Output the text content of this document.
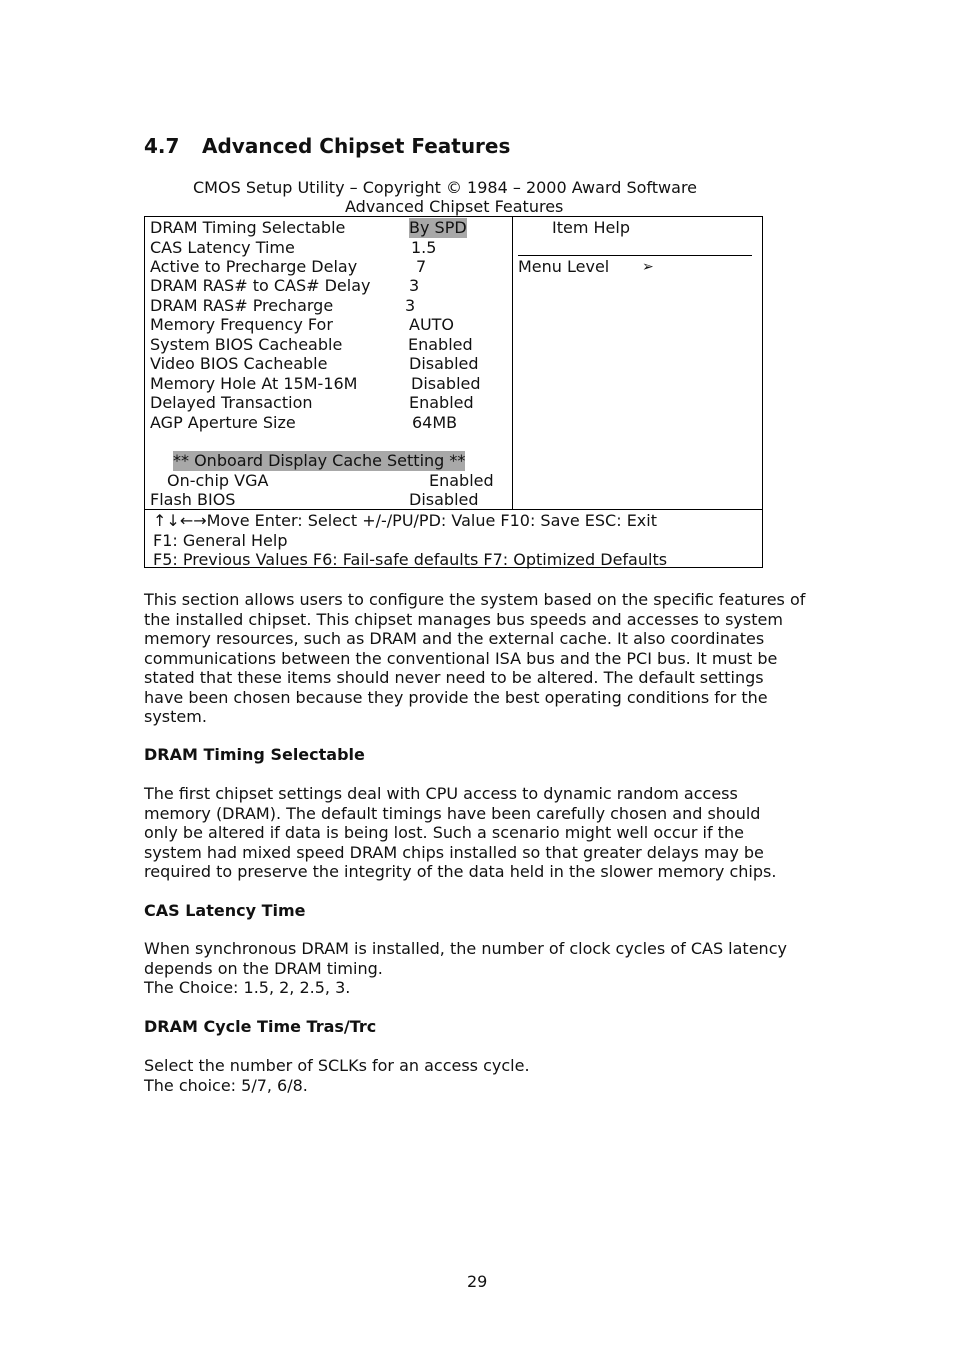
4.7 Advanced Chipset Features
CMOS Setup Utility – Copyright © 1984 – 2000 Award Software
Advanced Chipset Features
DRAM Timing Selectable	By SPD
CAS Latency Time	1.5
Active to Precharge Delay	7
DRAM RAS# to CAS# Delay 3
DRAM RAS# Precharge	3
Memory Frequency For	AUTO
System BIOS Cacheable	Enabled
Video BIOS Cacheable	Disabled
Memory Hole At 15M-16M	Disabled
Delayed Transaction	Enabled
AGP Aperture Size	64MB
** Onboard Display Cache Setting **
On-chip VGA	Enabled
Flash BIOS	Disabled
Item Help
Menu Level ➢
↑↓←→Move Enter: Select +/-/PU/PD: Value F10: Save ESC: Exit
F1: General Help
F5: Previous Values F6: Fail-safe defaults F7: Optimized Defaults

This section allows users to configure the system based on the specific features of

the installed chipset. This chipset manages bus speeds and accesses to system

memory resources, such as DRAM and the external cache. It also coordinates

communications between the conventional ISA bus and the PCI bus. It must be

stated that these items should never need to be altered. The default settings

have been chosen because they provide the best operating conditions for the

system.

DRAM Timing Selectable

The first chipset settings deal with CPU access to dynamic random access

memory (DRAM). The default timings have been carefully chosen and should

only be altered if data is being lost. Such a scenario might well occur if the

system had mixed speed DRAM chips installed so that greater delays may be

required to preserve the integrity of the data held in the slower memory chips.

CAS Latency Time

When synchronous DRAM is installed, the number of clock cycles of CAS latency

depends on the DRAM timing.

The Choice: 1.5, 2, 2.5, 3.

DRAM Cycle Time Tras/Trc

Select the number of SCLKs for an access cycle.

The choice: 5/7, 6/8.

29
